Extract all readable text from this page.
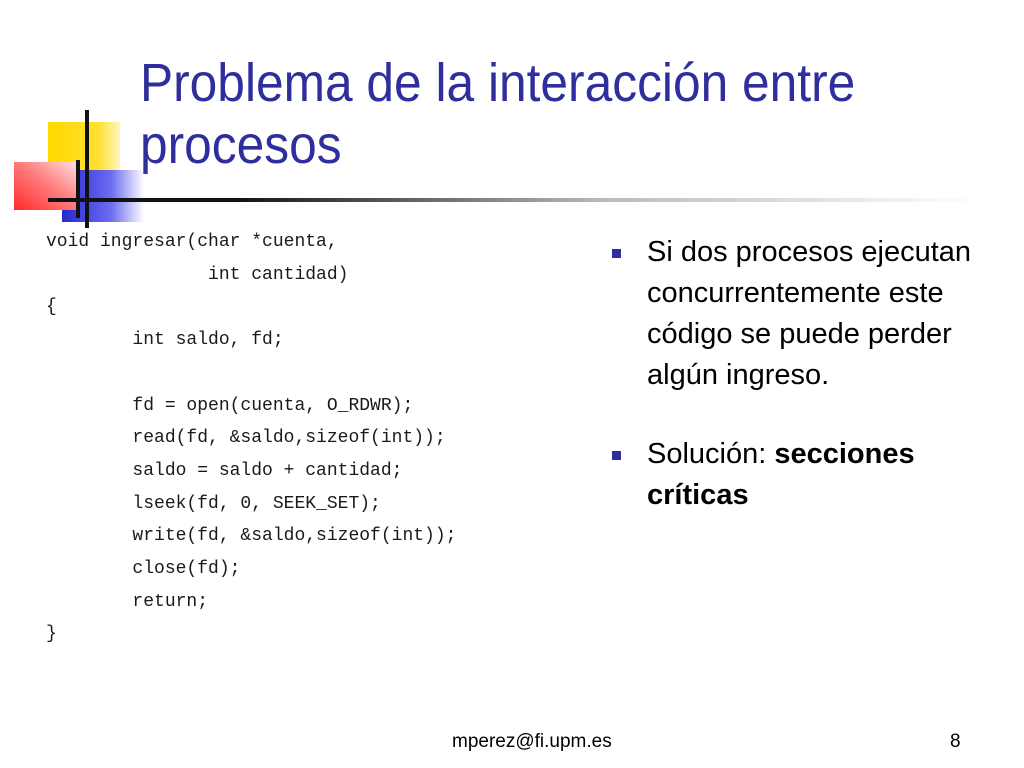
Problema de la interacción entre procesos
void ingresar(char *cuenta,
int cantidad)
{
int saldo, fd;

fd = open(cuenta, O_RDWR);
read(fd, &saldo,sizeof(int));
saldo = saldo + cantidad;
lseek(fd, 0, SEEK_SET);
write(fd, &saldo,sizeof(int));
close(fd);
return;
}
Si dos procesos ejecutan concurrentemente este código se puede perder algún ingreso.
Solución: secciones críticas
mperez@fi.upm.es	8
